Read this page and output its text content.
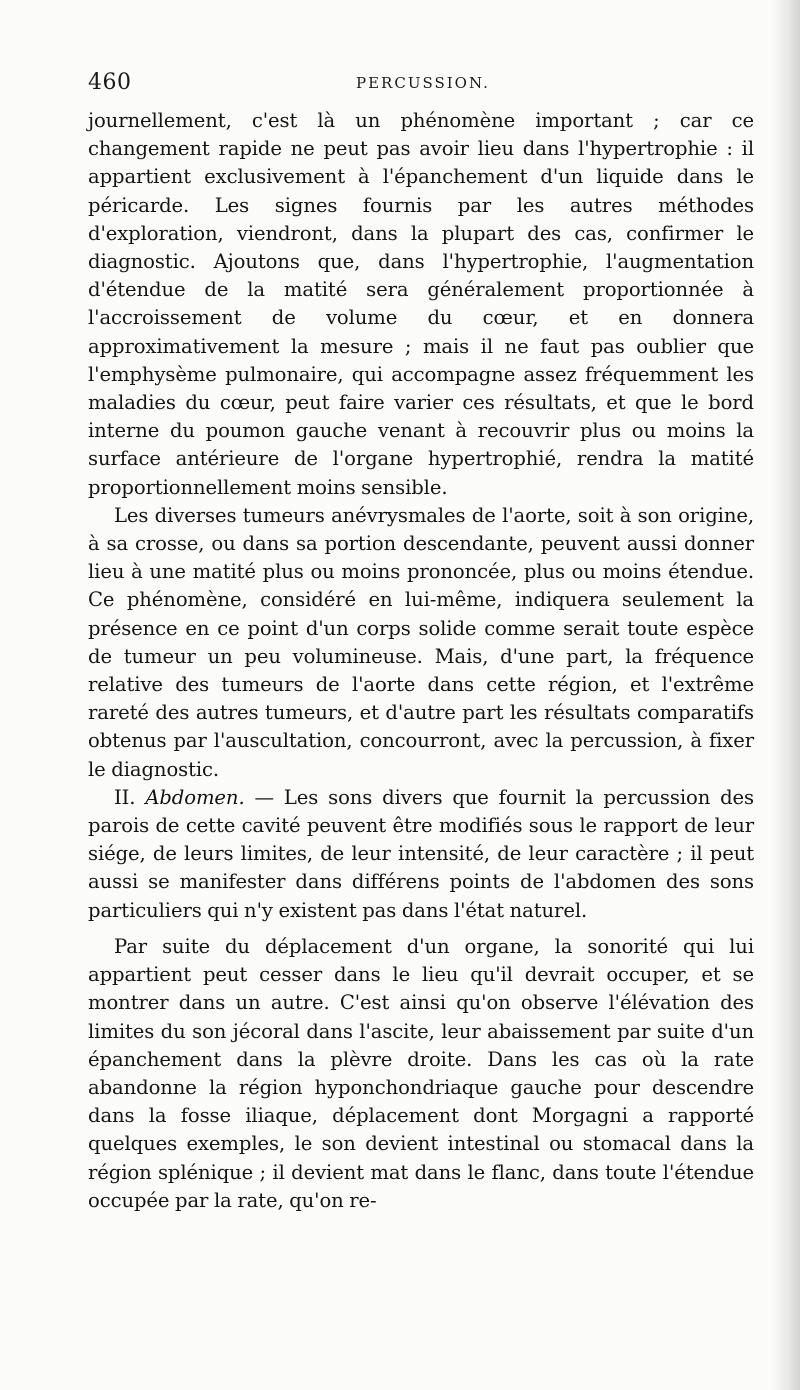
460	PERCUSSION.

journellement, c'est là un phénomène important ; car ce changement rapide ne peut pas avoir lieu dans l'hypertrophie : il appartient exclusivement à l'épanchement d'un liquide dans le péricarde. Les signes fournis par les autres méthodes d'exploration, viendront, dans la plupart des cas, confirmer le diagnostic. Ajoutons que, dans l'hypertrophie, l'augmentation d'étendue de la matité sera généralement proportionnée à l'accroissement de volume du cœur, et en donnera approximativement la mesure ; mais il ne faut pas oublier que l'emphysème pulmonaire, qui accompagne assez fréquemment les maladies du cœur, peut faire varier ces résultats, et que le bord interne du poumon gauche venant à recouvrir plus ou moins la surface antérieure de l'organe hypertrophié, rendra la matité proportionnellement moins sensible.

Les diverses tumeurs anévrysmales de l'aorte, soit à son origine, à sa crosse, ou dans sa portion descendante, peuvent aussi donner lieu à une matité plus ou moins prononcée, plus ou moins étendue. Ce phénomène, considéré en lui-même, indiquera seulement la présence en ce point d'un corps solide comme serait toute espèce de tumeur un peu volumineuse. Mais, d'une part, la fréquence relative des tumeurs de l'aorte dans cette région, et l'extrême rareté des autres tumeurs, et d'autre part les résultats comparatifs obtenus par l'auscultation, concourront, avec la percussion, à fixer le diagnostic.

II. Abdomen. — Les sons divers que fournit la percussion des parois de cette cavité peuvent être modifiés sous le rapport de leur siége, de leurs limites, de leur intensité, de leur caractère ; il peut aussi se manifester dans différens points de l'abdomen des sons particuliers qui n'y existent pas dans l'état naturel.

Par suite du déplacement d'un organe, la sonorité qui lui appartient peut cesser dans le lieu qu'il devrait occuper, et se montrer dans un autre. C'est ainsi qu'on observe l'élévation des limites du son jécoral dans l'ascite, leur abaissement par suite d'un épanchement dans la plèvre droite. Dans les cas où la rate abandonne la région hyponchondriaque gauche pour descendre dans la fosse iliaque, déplacement dont Morgagni a rapporté quelques exemples, le son devient intestinal ou stomacal dans la région splénique ; il devient mat dans le flanc, dans toute l'étendue occupée par la rate, qu'on re-
